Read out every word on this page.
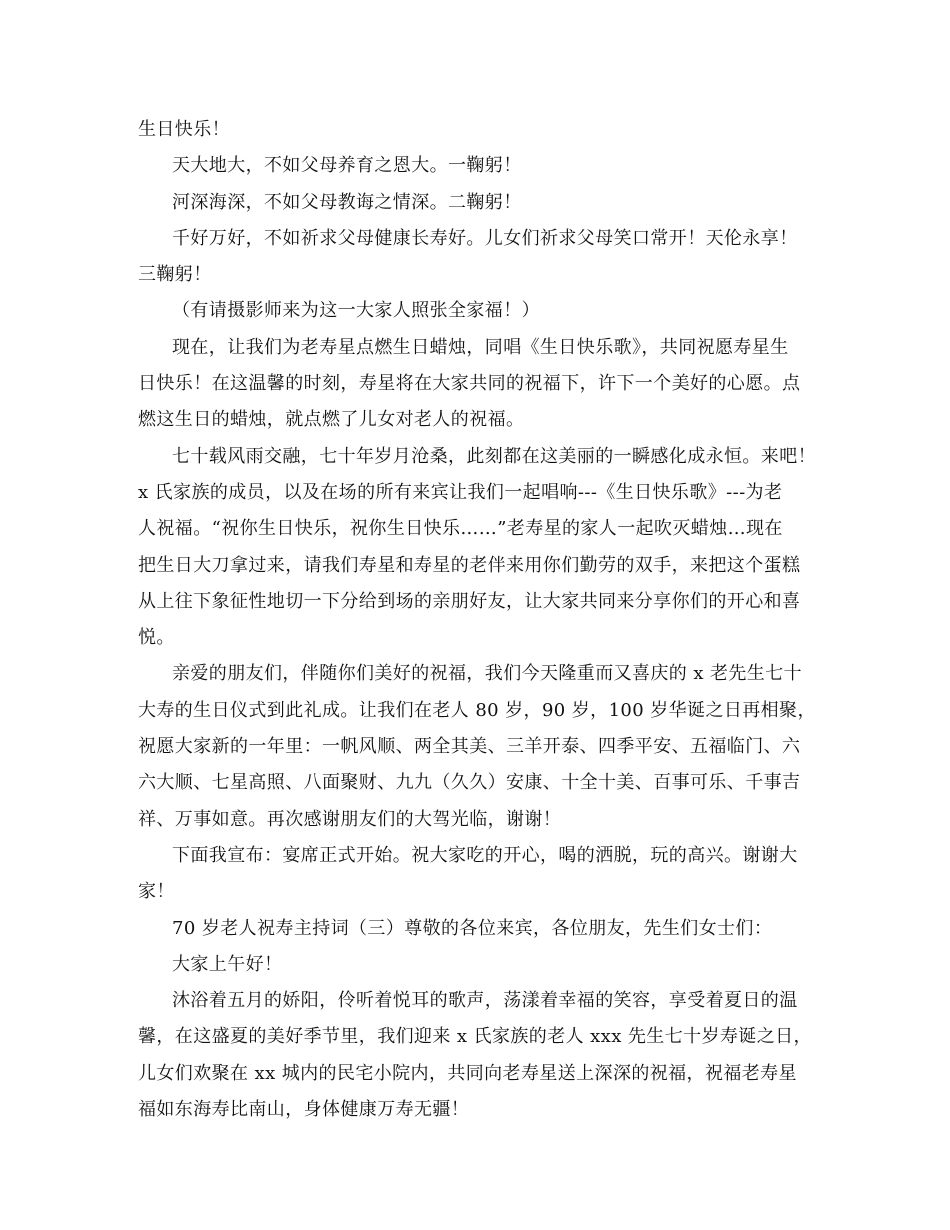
生日快乐！
天大地大，不如父母养育之恩大。一鞠躬！
河深海深，不如父母教诲之情深。二鞠躬！
千好万好，不如祈求父母健康长寿好。儿女们祈求父母笑口常开！天伦永享！
三鞠躬！
（有请摄影师来为这一大家人照张全家福！）
现在，让我们为老寿星点燃生日蜡烛，同唱《生日快乐歌》，共同祝愿寿星生
日快乐！在这温馨的时刻，寿星将在大家共同的祝福下，许下一个美好的心愿。点
燃这生日的蜡烛，就点燃了儿女对老人的祝福。
七十载风雨交融，七十年岁月沧桑，此刻都在这美丽的一瞬感化成永恒。来吧！
x 氏家族的成员，以及在场的所有来宾让我们一起唱响---《生日快乐歌》---为老
人祝福。“祝你生日快乐，祝你生日快乐……”老寿星的家人一起吹灭蜡烛…现在
把生日大刀拿过来，请我们寿星和寿星的老伴来用你们勤劳的双手，来把这个蛋糕
从上往下象征性地切一下分给到场的亲朋好友，让大家共同来分享你们的开心和喜
悦。
亲爱的朋友们，伴随你们美好的祝福，我们今天隆重而又喜庆的 x 老先生七十
大寿的生日仪式到此礼成。让我们在老人 80 岁，90 岁，100 岁华诞之日再相聚，
祝愿大家新的一年里：一帆风顺、两全其美、三羊开泰、四季平安、五福临门、六
六大顺、七星高照、八面聚财、九九（久久）安康、十全十美、百事可乐、千事吉
祥、万事如意。再次感谢朋友们的大驾光临，谢谢！
下面我宣布：宴席正式开始。祝大家吃的开心，喝的洒脱，玩的高兴。谢谢大
家！
70 岁老人祝寿主持词（三）尊敬的各位来宾，各位朋友，先生们女士们：
大家上午好！
沐浴着五月的娇阳，伶听着悦耳的歌声，荡漾着幸福的笑容，享受着夏日的温
馨，在这盛夏的美好季节里，我们迎来 x 氏家族的老人 xxx 先生七十岁寿诞之日，
儿女们欢聚在 xx 城内的民宅小院内，共同向老寿星送上深深的祝福，祝福老寿星
福如东海寿比南山，身体健康万寿无疆！
